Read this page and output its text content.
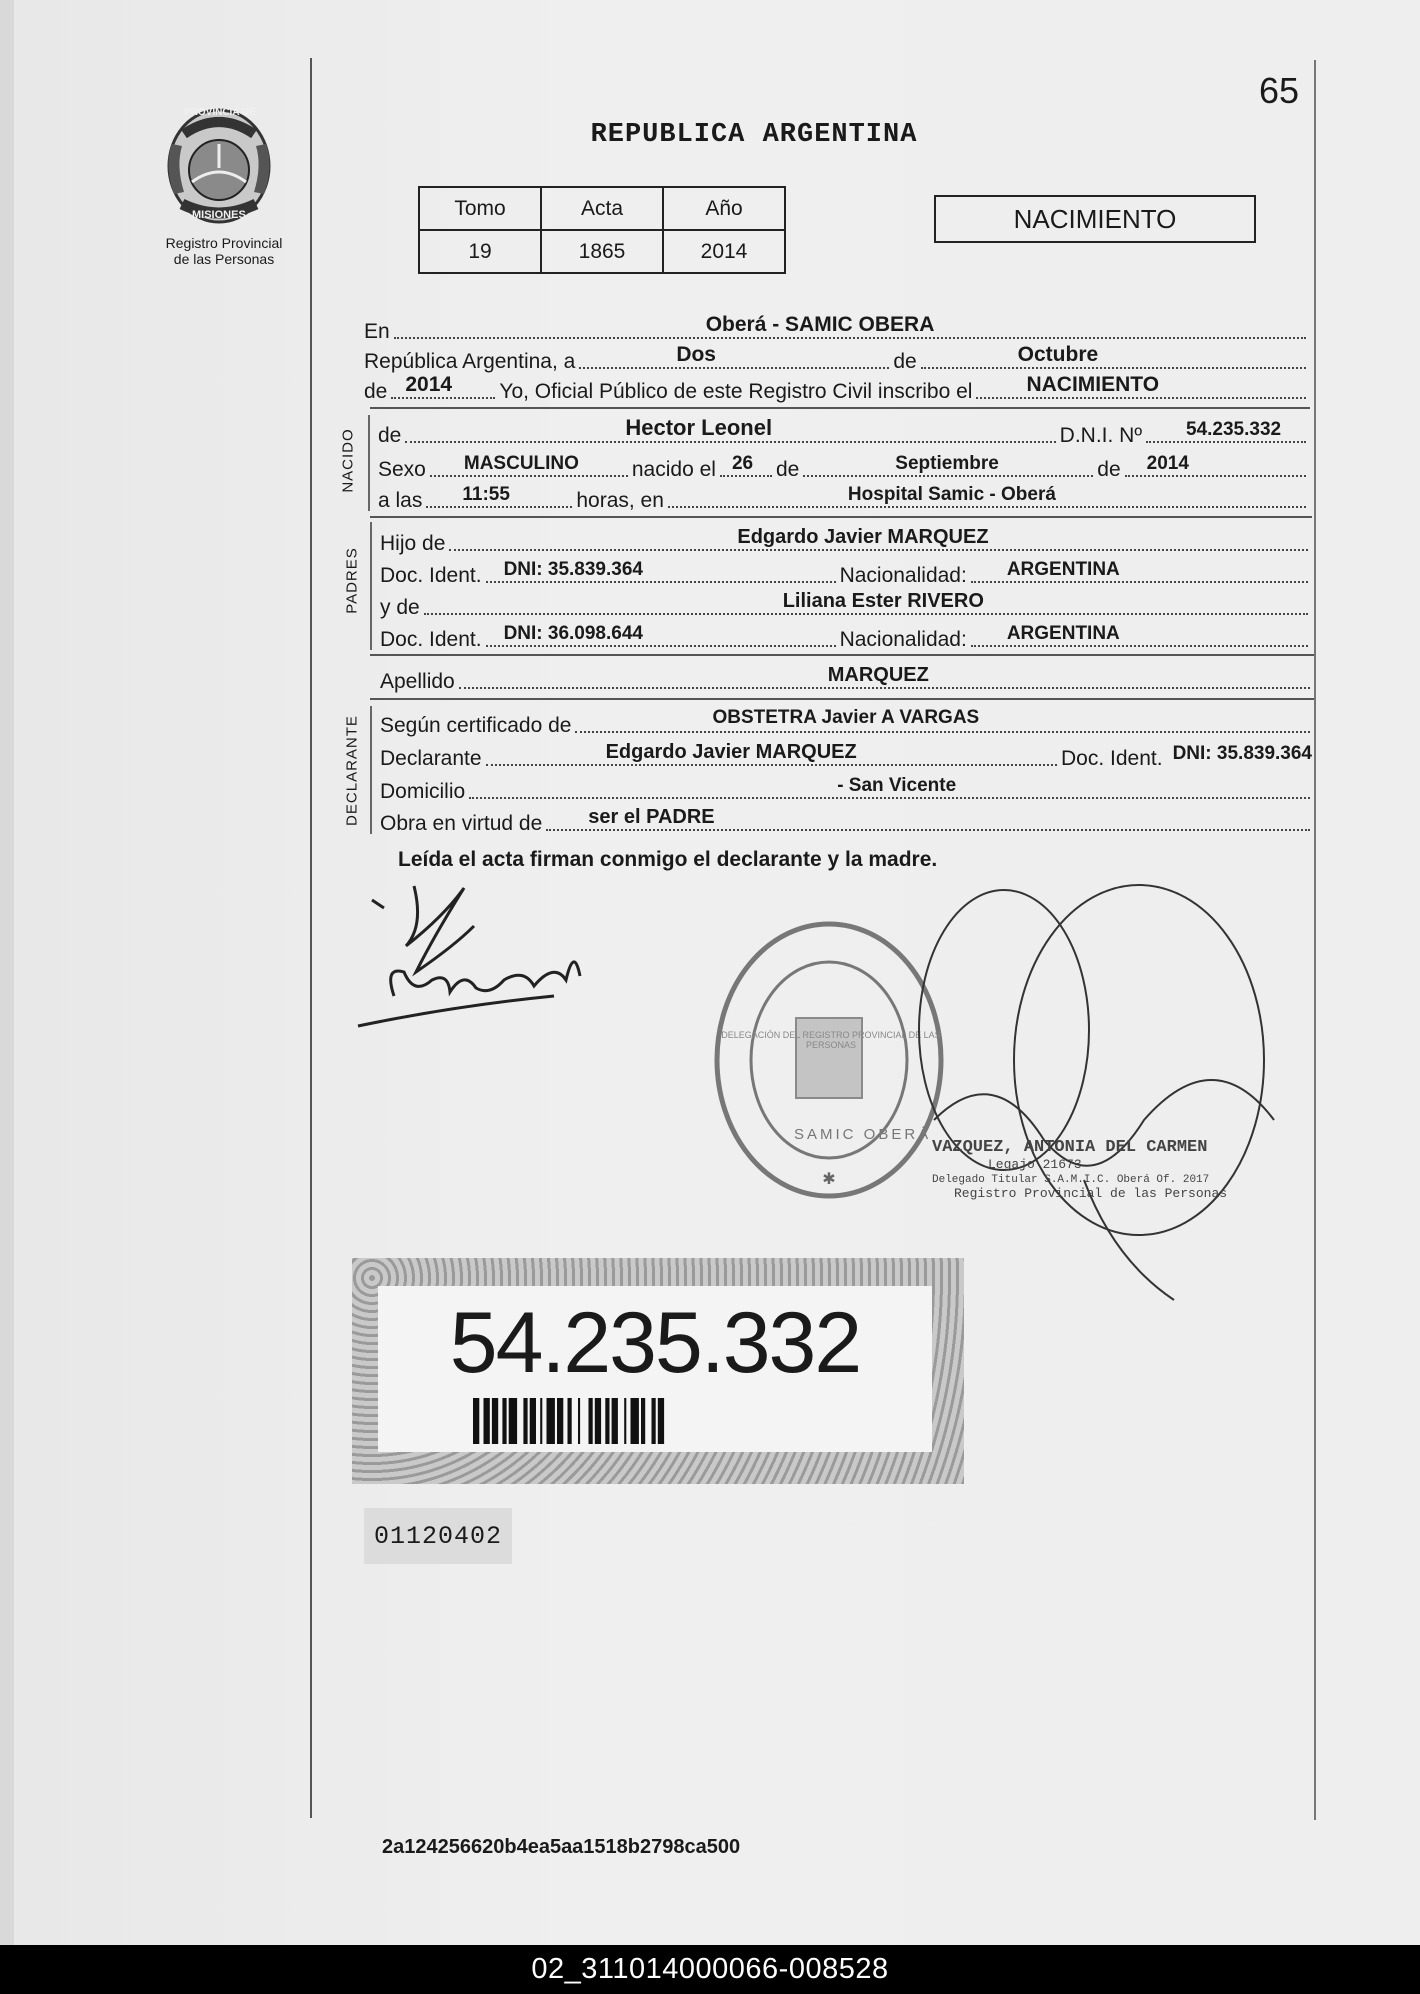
PROVINCIA DE
MISIONES
Registro Provincial
de las Personas
65
REPUBLICA ARGENTINA
Tomo	Acta	Año
19	1865	2014
NACIMIENTO
En	Oberá - SAMIC OBERA
República Argentina, a	Dos	de	Octubre
de 2014 Yo, Oficial Público de este Registro Civil inscribo el	NACIMIENTO
NACIDO de	Hector Leonel	D.N.I. Nº 54.235.332
Sexo MASCULINO	nacido el 26 de	Septiembre	de 2014
a las 11:55	horas, en	Hospital Samic - Oberá
PADRES
Hijo de	Edgardo Javier MARQUEZ
Doc. Ident. DNI: 35.839.364	Nacionalidad: ARGENTINA
y de	Liliana Ester RIVERO
Doc. Ident. DNI: 36.098.644	Nacionalidad: ARGENTINA
Apellido	MARQUEZ
DECLARANTE Según certificado de	OBSTETRA Javier A VARGAS
Declarante	Edgardo Javier MARQUEZ	Doc. Ident. DNI: 35.839.364
Domicilio	- San Vicente
Obra en virtud de ser el PADRE
Leída el acta firman conmigo el declarante y la madre.
✱
DELEGACIÓN DEL REGISTRO PROVINCIAL DE LAS PERSONAS
SAMIC OBERÁ
VAZQUEZ, ANTONIA DEL CARMEN
Legajo 21673
Delegado Titular S.A.M.I.C. Oberá Of. 2017
Registro Provincial de las Personas
54.235.332
01120402
2a124256620b4ea5aa1518b2798ca500
02_311014000066-008528
